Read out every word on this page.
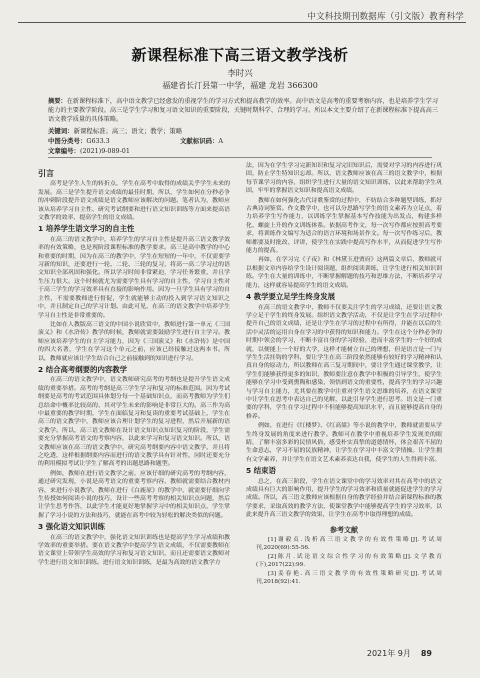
中文科技期刊数据库（引文版）教育科学
新课程标准下高三语文教学浅析
李时兴
福建省长汀县第一中学，福建 龙岩 366300
摘要：在新课程标准下，高中语文教学已经愈发的重视学生的学习方式和提高教学的效率。高中语文是高考的重要考察内容，也是培养学生学习能力的主要教学阶段。高三是学生学习和复习语文知识的重要阶段，关键时期科学、合理的学习。所以本文主要介绍了在新课程标准下提高高三语文教学质量的具体策略。
关键词：新课程标准；高三；语文；教学；策略
中图分类号：G633.3	文献标识码：A
文章编号：(2021)9-089-01
引言

高考是学生人生的转折点，学生在高考中取得的成绩关乎学生未来的发展。高三是学生提升语文成绩的最佳时期，所以，学生如何在分秒必争的冲刺阶段提升语文成绩是语文教师应该解决的问题。笔者认为，教师应该从培养学习自主性、研究考试纲要和进行语文知识训练等方面来提高语文教学的效率，提高学生的语文成绩。

1 培养学生语文学习的自主性

在高三的语文教学中，培养学生的学习自主性是提升高三语文教学效率的有效策略，也是现阶段课程标准的教学要求。高三是高中教学的中心和重要的时期，因为在高三的教学中，学生在短短的一年中，不仅需要学习新的知识，还要进行一轮、二轮、三轮的复习，将高一高二学习过的语文知识全部巩固和强化。所以学习时间非常紧迫，学习任务繁重，并且学生压力很大。这个时候就尤为需要学生具有学习的自主性，学习自主性对于高三学生的学习效率具有直接的影响作用。因为一旦学生具有学习的自主性，不需要教师进行督促，学生就能够主动的投入到学习语文知识之中，并且制定自己的学习计划。由此可见，在高三的语文教学中培养学生学习自主性是非常重要的。

比如在人教版高三语文的中国小说欣赏中，教师进行第一单元《三国演义》和《水浒传》教学的时候，教师就需要鼓励学生进行自主学习。教师应该培养学生的自主学习能力，因为《三国演义》和《水浒传》是中国的四大名著，学生在学习这个单元之前，应该已经接触过这两本书。所以，教师就应该让学生结合自己之前接触到的知识进行学习。

2 结合高考纲要的内容教学

在高三的语文教学中，语文教师研究高考的考纲也是提升学生语文成绩的重要举措。高考的考纲是高三学生学习和复习的标准范围。因为考试纲要是高考的考试范围具体划分每一个基础知识点，而高考教师为学生们总结命中概率比较高的、其对学生未来的影响是非常巨大的。高三作为高中最重要的教学时期，学生在面临复习和复读的重要考试基础上，学生在高三的语文教学中，教师应该合理计划学生的复习进程，然后开展新的语文教学。所以，高三语文教师在设计语文知识点知识复习的阶段，学生需要充分掌握高考语文的考察内容，以此来学习和复习语文知识。所以，语文教师应该在高三的语文教学中，研究高考纲要内容中语文教学，并且将之吃透，这样根据纲要内容而进行的语文教学具有针对性，同时还要充分的利用模拟考试让学生了解高考的出题思路和题型。

例如，教师在进行语文教学之前，应该仔细的研究高考的考纲内容，通过研究发现，小说是高考语文的重要考察内容，教师就需要结合教材内容，来进行小说教学。教师在进行《白鹿原》的教学中，就需要仔细向学生传授如何阅读小说的技巧，设计一些高考考察的相关知识点问题，然后让学生思考作答，以此学生才能更好地掌握学习中的相关知识点，学生掌握了学习小说的方法和技巧，就能在高考中较为轻松的解决类似的问题。

3 强化语文知识训练

在高三的语文教学中，强化语文知识训练也是提高学生学习成绩和教学效率的重要举措。要在语文教学中提高学生语文成绩，不仅需要教师在语文课堂上带领学生高效的学习和复习语文知识，而且还需要语文教师对学生进行语文知识训练。进行语文知识训练，是最为高效的语文教学方

法，因为在学生学习完新知识和复习完旧知识后，需要对学习的内容进行巩固，防止学生特知识忘却。所以，语文教师应该在高三的语文教学中，根据每节课学习的内容，组织学生进行大量的语文知识训练，以此来帮助学生巩固，牢牢的掌握语文知识和提高语文成绩。

教师在如何强化古代诗歌鉴赏的过程中，不妨结合多种题型训练，抓好古典诗词鉴赏。作文教学中，也可以分思路写学生的语文素养为立足点，着力培养学生写作能力，以训练学生掌握基本写作技能为出发点，构建多样化、螺旋上升的作文训练体系。依据高考作文，每一次写作都应按照高考要求，将训练作文编写为适合的语言环境和场景作文。每一次写作练习后，教师都要及时批改、评讲，使学生在实践中提高写作水平，从而促进学生写作能力的提高。

再如，在学习完《子夜》和《林黛玉进贾府》这两篇文章后，教师就可以根据文章内容给学生设计阅读题，组织阅读训练，让学生进行相关知识训练。学生在大量的训练中，不断掌握解题的技巧和思维方法，不断培养学习能力，这样就容易提高学生的语文成绩。

4 教学要立足学生终身发展

在高三的语文教学中，教师不仅要关注学生的学习成绩，还要让语文教学立足于学生的终身发展。组织语文教学活动，不仅是让学生在学习过程中提升自己的语文成绩，还是让学生在学习的过程中有所得，并能在以后的生活中灵活的运用自身在学习的中获得的知识和能力。学生在这个分秒必争的时期中领会的学习，不断丰富自身的学习经验，进而丰富学生的一个好的成就，以便能上一个好的大学，这样才能树立自己的理想，但是语言是一门与学生生活挂钩的学科，要让学生在高三阶段依然能够有较好的学习精神和认真自身的原动力，所以教师在高三复习期间中，要让学生通过课堂教学，让学生们能够获得更多的知识，教师要注意在教学中积极的引导学生，使学生能够在学习中受到熏陶和感染，领悟到语文的重要性，提高学生的学习兴趣与学习自主能力，尤其要在教学中注重对学生语文思维的培养，在语文课堂中让学生在思考中表达自己的见解，以此引导学生进行思考。语文是一门重要的学科，学生在学习过程中不但能够提高知识水平，而且能够提高自身的修养。

例如，在进行《红楼梦》、《红高粱》等小说的教学中，教师就需要从学生终身发展的角度来进行教学。教师可在教学中重视培养学生发现美的眼睛，了解丰富多彩的民情风俗，感受朴实真挚的道德情怀，体会艰苦不屈的生命意志，学习不屈的民族精神，让学生在学习中丰富文学情操。让学生拥有文学素养，并让学生在语文艺术素养表达自我，使学生的人生得到丰富。

5 结束语

总之，在高三阶段，学生在语文课堂中的学习效率对其在高考中的语文成绩具有巨大的影响作用，提升学生的学习效率和质量就能促进学生的学习成绩。所以，高三语文教师应该根据自身的教学经验并结合新课程标准的教学要求，采取高效的教学方法，使课堂教学中能够提高学生的学习效率，以此来提升高三语文教学的效果，让学生在高考中取得理想的成绩。

参考文献

[1]谢毅贞.浅析高三语文教学的有效性策略[J].考试周刊,2020(69):55-56.

[2]陈月.试论语文综合性学习的有效策略[J].文学教育(下),2017(22):99.

[3]姜春艳.高三语文教学的有效性策略研究[J].考试周刊,2018(92):41.

2021年 9月 89
